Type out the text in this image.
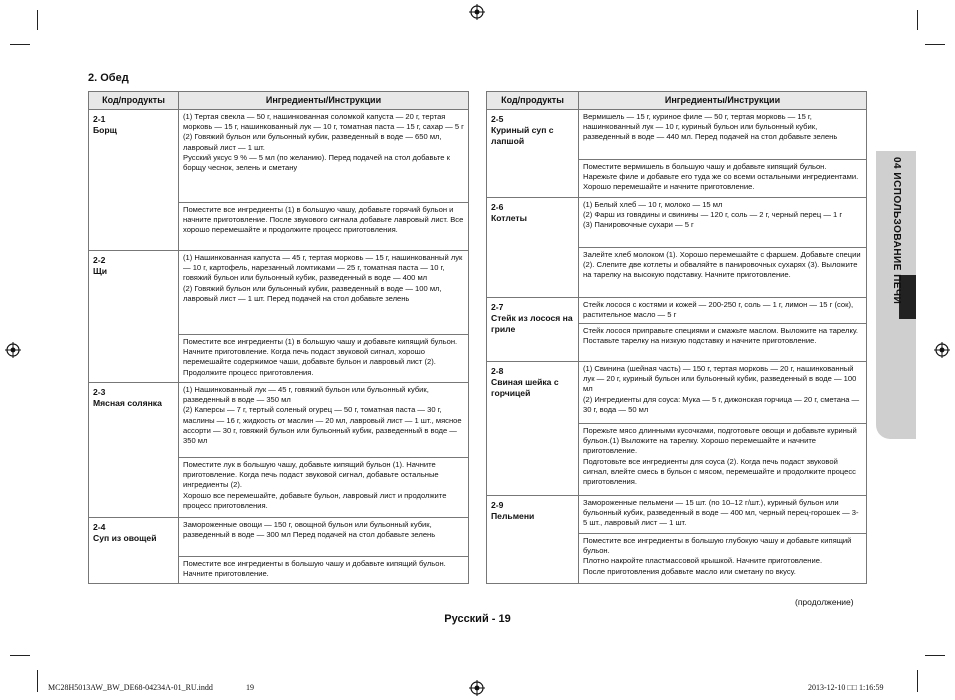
04 ИСПОЛЬЗОВАНИЕ ПЕЧИ
2. Обед
Код/продукты	Ингредиенты/Инструкции
2-1
Борщ	(1) Тертая свекла — 50 г, нашинкованная соломкой капуста — 20 г, тертая морковь — 15 г, нашинкованный лук — 10 г, томатная паста — 15 г, сахар — 5 г
(2) Говяжий бульон или бульонный кубик, разведенный в воде — 650 мл, лавровый лист — 1 шт.
Русский уксус 9 % — 5 мл (по желанию). Перед подачей на стол добавьте к борщу чеснок, зелень и сметану
	Поместите все ингредиенты (1) в большую чашу, добавьте горячий бульон и начните приготовление. После звукового сигнала добавьте лавровый лист. Все хорошо перемешайте и продолжите процесс приготовления.
2-2
Щи	(1) Нашинкованная капуста — 45 г, тертая морковь — 15 г, нашинкованный лук — 10 г, картофель, нарезанный ломтиками — 25 г, томатная паста — 10 г, говяжий бульон или бульонный кубик, разведенный в воде — 400 мл
(2) Говяжий бульон или бульонный кубик, разведенный в воде — 100 мл, лавровый лист — 1 шт. Перед подачей на стол добавьте зелень
	Поместите все ингредиенты (1) в большую чашу и добавьте кипящий бульон. Начните приготовление. Когда печь подаст звуковой сигнал, хорошо перемешайте содержимое чаши, добавьте бульон и лавровый лист (2). Продолжите процесс приготовления.
2-3
Мясная солянка	(1) Нашинкованный лук — 45 г, говяжий бульон или бульонный кубик, разведенный в воде — 350 мл
(2) Каперсы — 7 г, тертый соленый огурец — 50 г, томатная паста — 30 г, маслины — 16 г, жидкость от маслин — 20 мл, лавровый лист — 1 шт., мясное ассорти — 30 г, говяжий бульон или бульонный кубик, разведенный в воде — 350 мл
	Поместите лук в большую чашу, добавьте кипящий бульон (1). Начните приготовление. Когда печь подаст звуковой сигнал, добавьте остальные ингредиенты (2).
Хорошо все перемешайте, добавьте бульон, лавровый лист и продолжите процесс приготовления.
2-4
Суп из овощей	Замороженные овощи — 150 г, овощной бульон или бульонный кубик, разведенный в воде — 300 мл Перед подачей на стол добавьте зелень
	Поместите все ингредиенты в большую чашу и добавьте кипящий бульон. Начните приготовление.
Код/продукты	Ингредиенты/Инструкции
2-5
Куриный суп с лапшой	Вермишель — 15 г, куриное филе — 50 г, тертая морковь — 15 г, нашинкованный лук — 10 г, куриный бульон или бульонный кубик, разведенный в воде — 440 мл. Перед подачей на стол добавьте зелень
	Поместите вермишель в большую чашу и добавьте кипящий бульон. Нарежьте филе и добавьте его туда же со всеми остальными ингредиентами. Хорошо перемешайте и начните приготовление.
2-6
Котлеты	(1) Белый хлеб — 10 г, молоко — 15 мл
(2) Фарш из говядины и свинины — 120 г, соль — 2 г, черный перец — 1 г
(3) Панировочные сухари — 5 г
	Залейте хлеб молоком (1). Хорошо перемешайте с фаршем. Добавьте специи (2). Слепите две котлеты и обваляйте в панировочных сухарях (3). Выложите на тарелку на высокую подставку. Начните приготовление.
2-7
Стейк из лосося на гриле	Стейк лосося с костями и кожей — 200-250 г, соль — 1 г, лимон — 15 г (сок), растительное масло — 5 г
	Стейк лосося приправьте специями и смажьте маслом. Выложите на тарелку. Поставьте тарелку на низкую подставку и начните приготовление.
2-8
Свиная шейка с горчицей	(1) Свинина (шейная часть) — 150 г, тертая морковь — 20 г, нашинкованный лук — 20 г, куриный бульон или бульонный кубик, разведенный в воде — 100 мл
(2) Ингредиенты для соуса: Мука — 5 г, дижонская горчица — 20 г, сметана — 30 г, вода — 50 мл
	Порежьте мясо длинными кусочками, подготовьте овощи и добавьте куриный бульон.(1) Выложите на тарелку. Хорошо перемешайте и начните приготовление.
Подготовьте все ингредиенты для соуса (2). Когда печь подаст звуковой сигнал, влейте смесь в бульон с мясом, перемешайте и продолжите процесс приготовления.
2-9
Пельмени	Замороженные пельмени — 15 шт. (по 10–12 г/шт.), куриный бульон или бульонный кубик, разведенный в воде — 400 мл, черный перец-горошек — 3-5 шт., лавровый лист — 1 шт.
	Поместите все ингредиенты в большую глубокую чашу и добавьте кипящий бульон.
Плотно накройте пластмассовой крышкой. Начните приготовление.
После приготовления добавьте масло или сметану по вкусу.
(продолжение)
Русский - 19
MC28H5013AW_BW_DE68-04234A-01_RU.indd	19	2013-12-10 □□ 1:16:59
